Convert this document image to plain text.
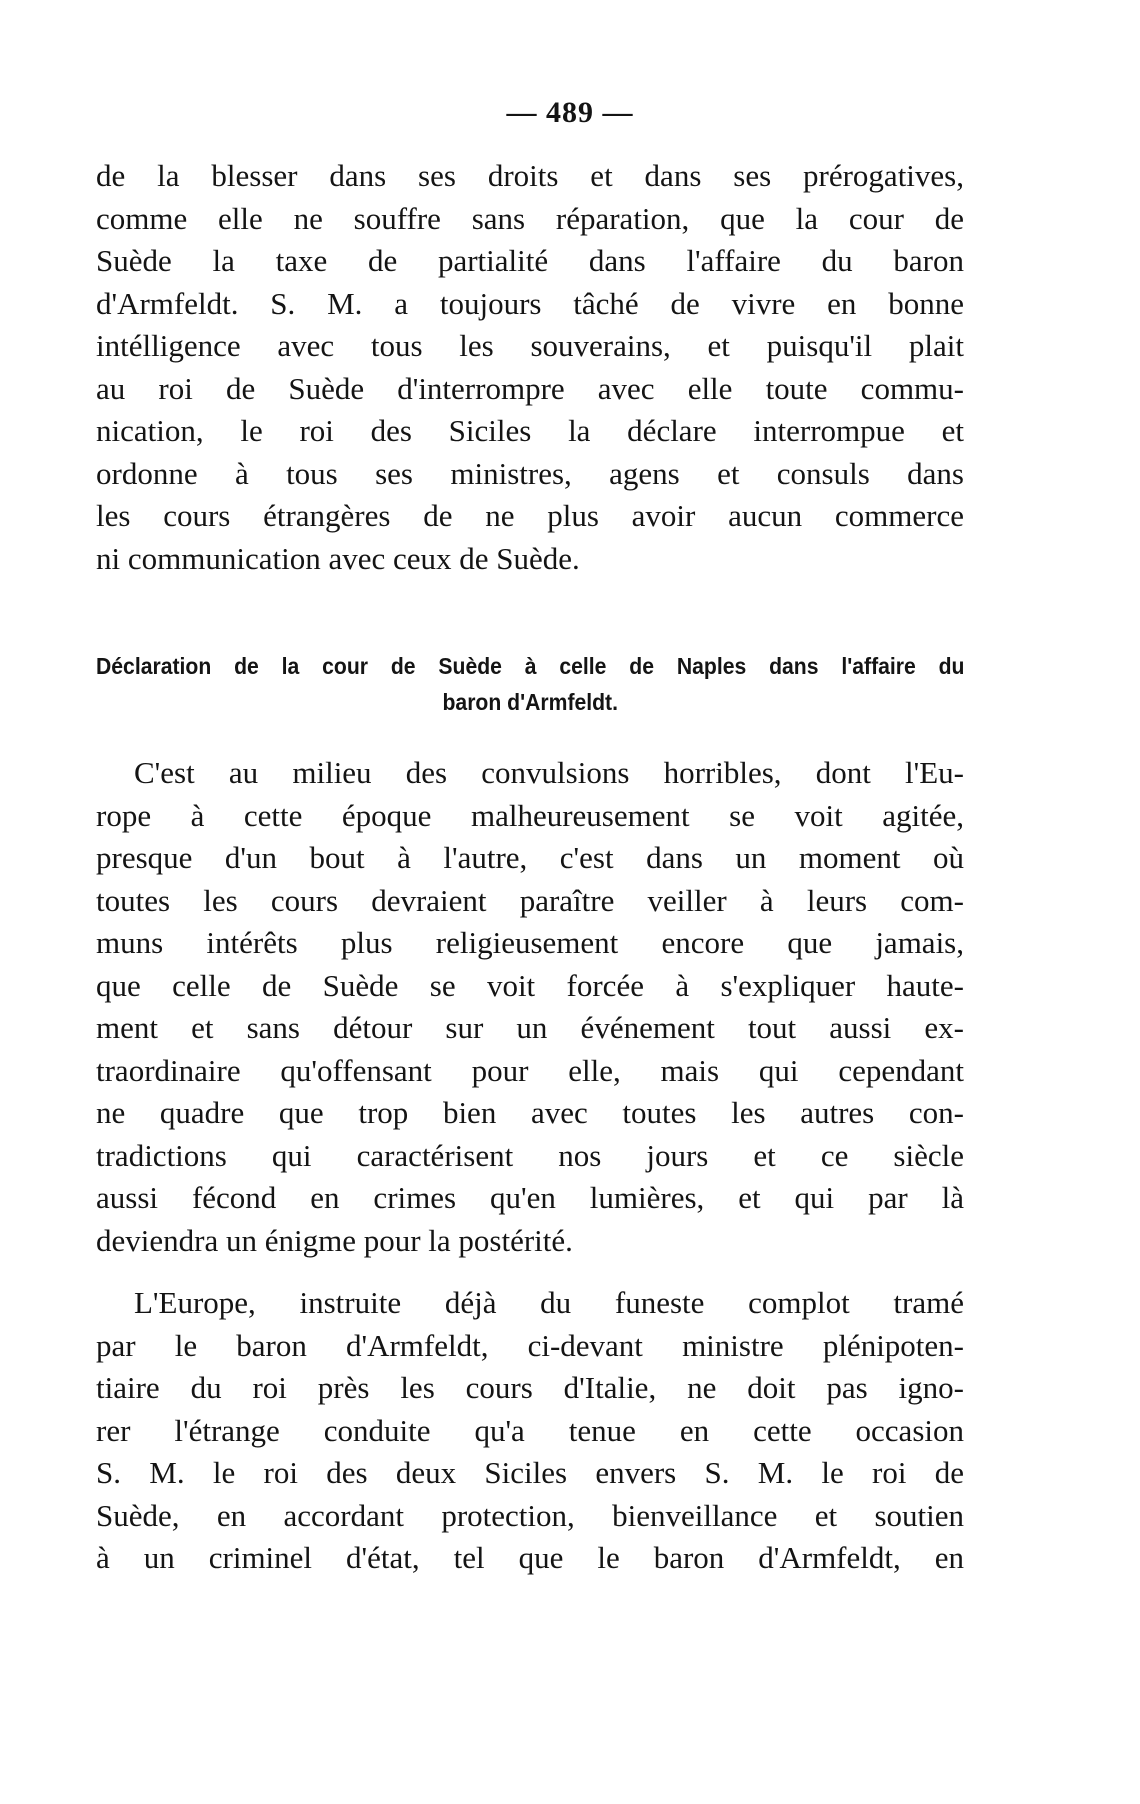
— 489 —
de la blesser dans ses droits et dans ses prérogatives,
comme elle ne souffre sans réparation, que la cour de
Suède la taxe de partialité dans l'affaire du baron
d'Armfeldt. S. M. a toujours tâché de vivre en bonne
intélligence avec tous les souverains, et puisqu'il plait
au roi de Suède d'interrompre avec elle toute commu-
nication, le roi des Siciles la déclare interrompue et
ordonne à tous ses ministres, agens et consuls dans
les cours étrangères de ne plus avoir aucun commerce
ni communication avec ceux de Suède.
Déclaration de la cour de Suède à celle de Naples dans l'affaire du
baron d'Armfeldt.
C'est au milieu des convulsions horribles, dont l'Eu-
rope à cette époque malheureusement se voit agitée,
presque d'un bout à l'autre, c'est dans un moment où
toutes les cours devraient paraître veiller à leurs com-
muns intérêts plus religieusement encore que jamais,
que celle de Suède se voit forcée à s'expliquer haute-
ment et sans détour sur un événement tout aussi ex-
traordinaire qu'offensant pour elle, mais qui cependant
ne quadre que trop bien avec toutes les autres con-
tradictions qui caractérisent nos jours et ce siècle
aussi fécond en crimes qu'en lumières, et qui par là
deviendra un énigme pour la postérité.
L'Europe, instruite déjà du funeste complot tramé
par le baron d'Armfeldt, ci-devant ministre plénipoten-
tiaire du roi près les cours d'Italie, ne doit pas igno-
rer l'étrange conduite qu'a tenue en cette occasion
S. M. le roi des deux Siciles envers S. M. le roi de
Suède, en accordant protection, bienveillance et soutien
à un criminel d'état, tel que le baron d'Armfeldt, en
